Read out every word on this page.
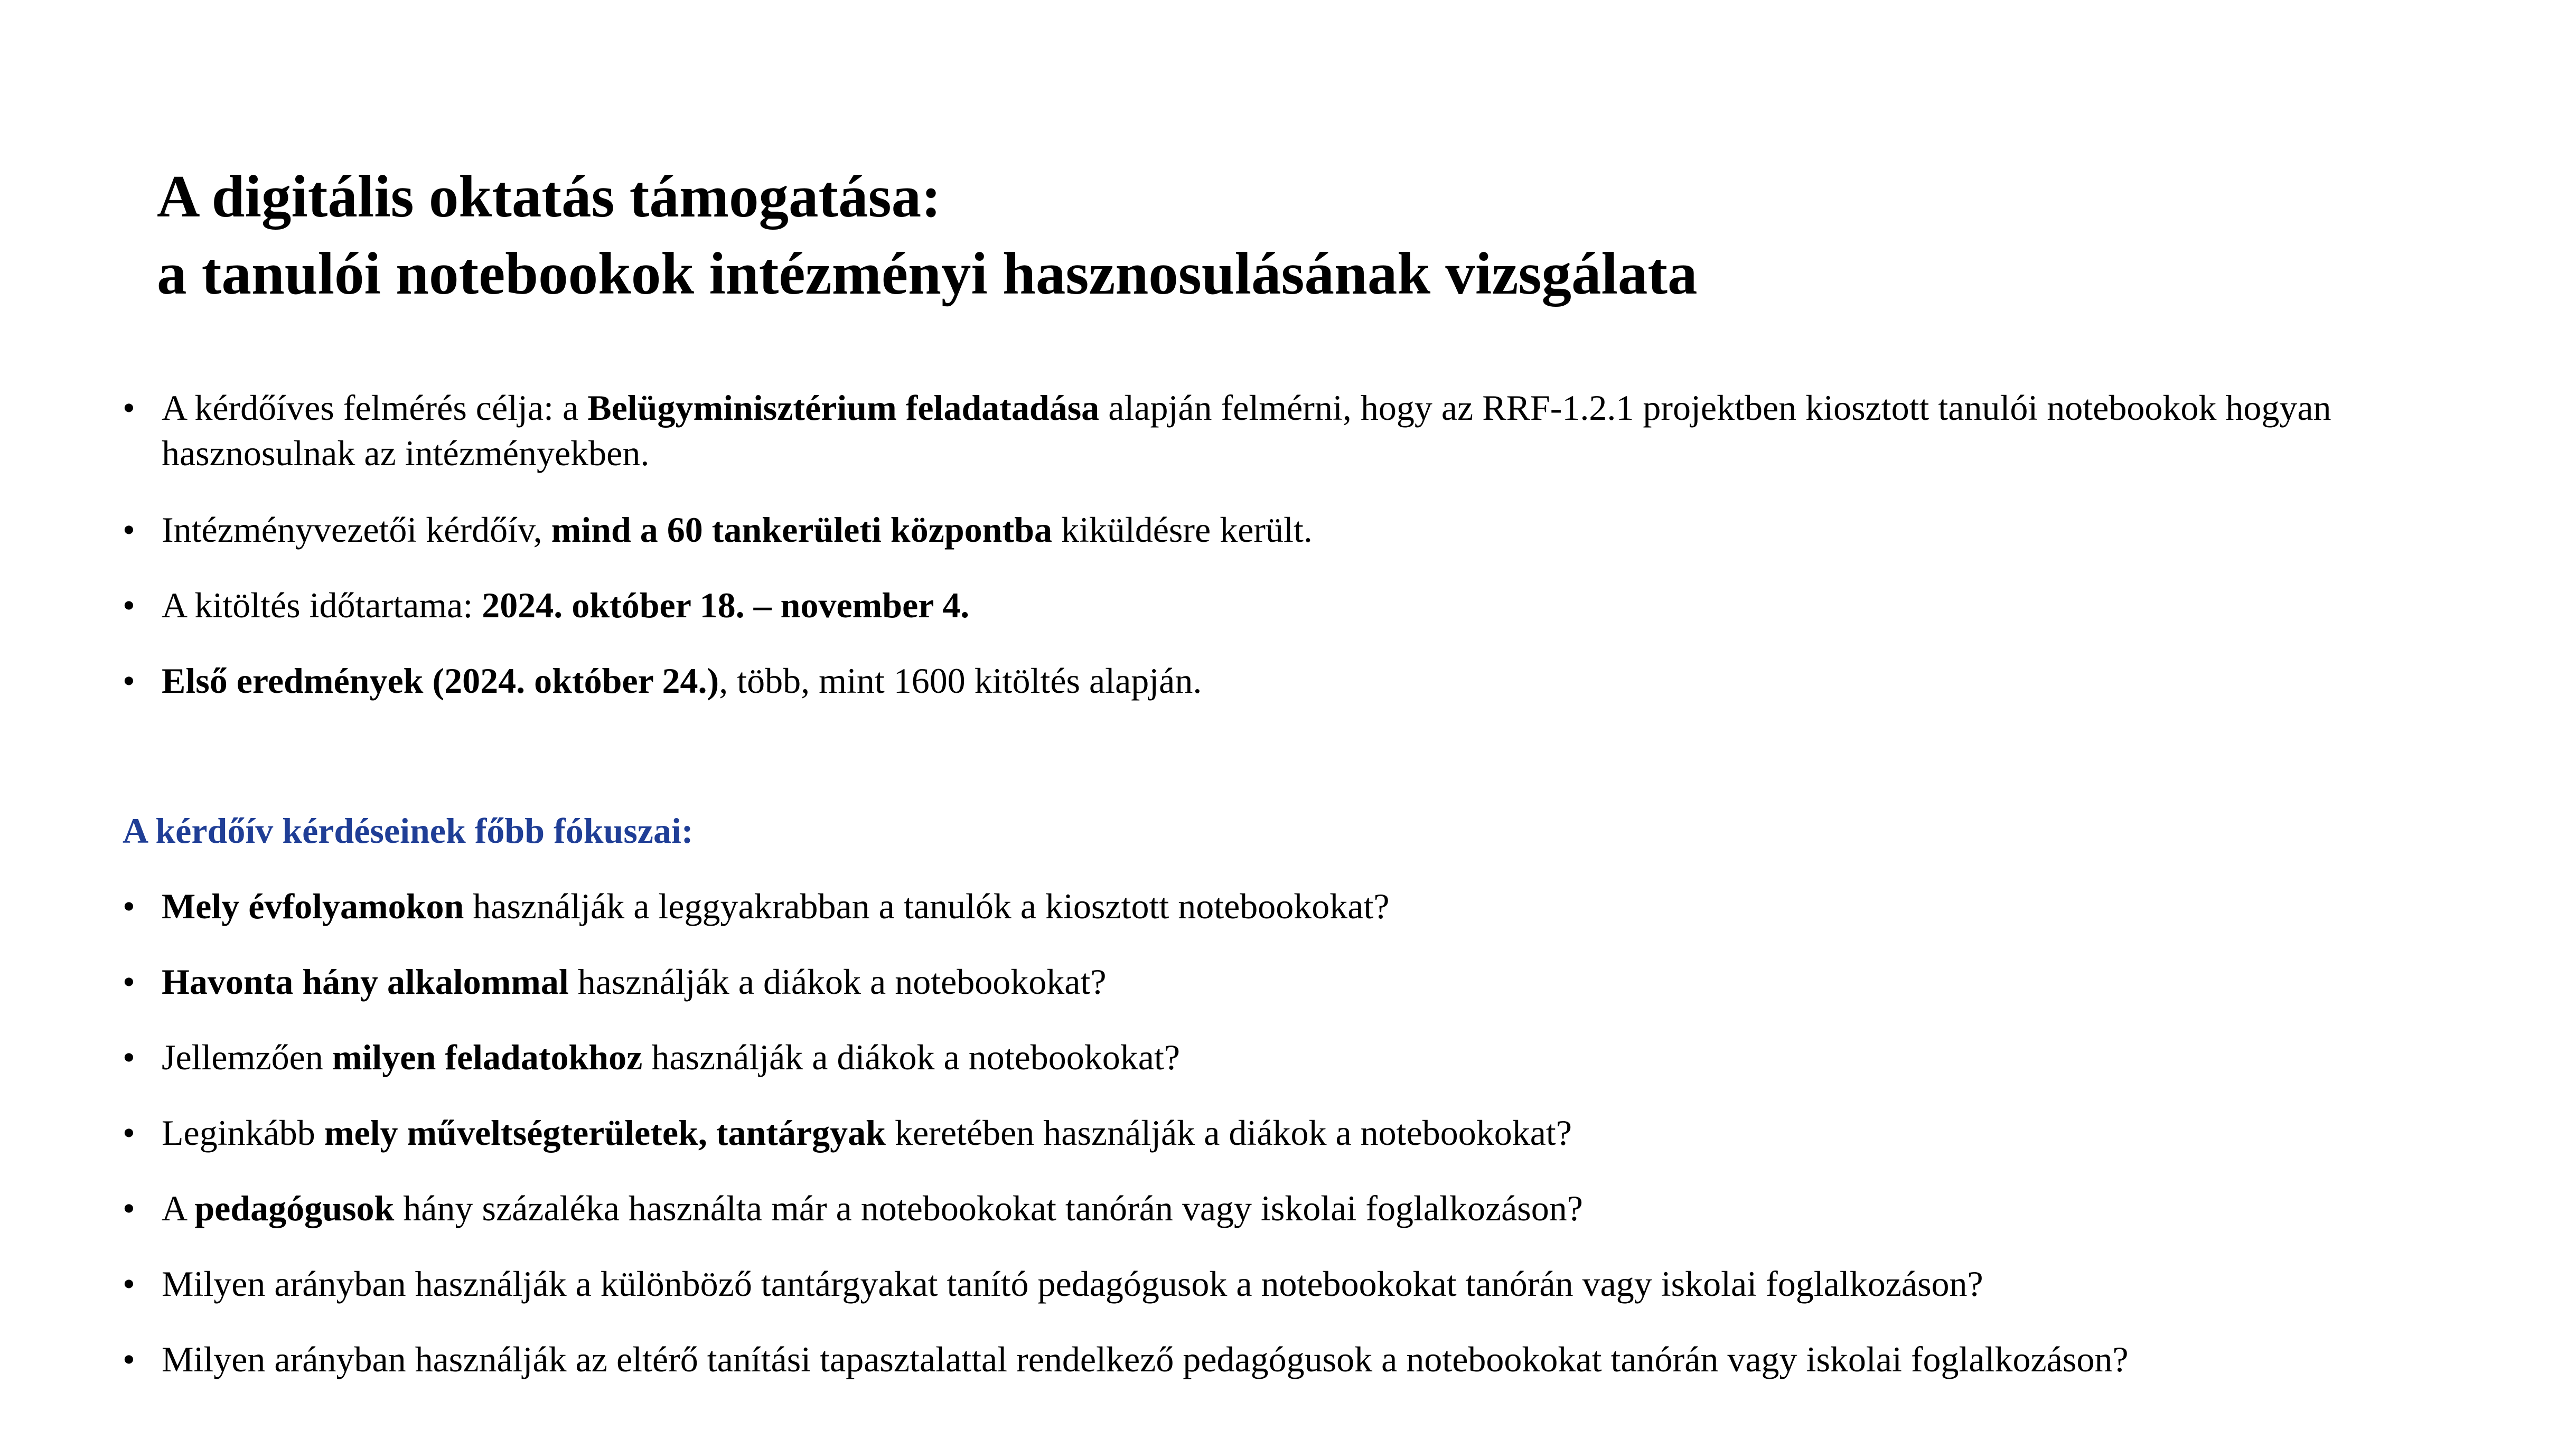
A digitális oktatás támogatása:
a tanulói notebookok intézményi hasznosulásának vizsgálata
• A kérdőíves felmérés célja: a Belügyminisztérium feladatadása alapján felmérni, hogy az RRF-1.2.1 projektben kiosztott tanulói notebookok hogyan hasznosulnak az intézményekben.
• Intézményvezetői kérdőív, mind a 60 tankerületi központba kiküldésre került.
• A kitöltés időtartama: 2024. október 18. – november 4.
• Első eredmények (2024. október 24.), több, mint 1600 kitöltés alapján.
A kérdőív kérdéseinek főbb fókuszai:
• Mely évfolyamokon használják a leggyakrabban a tanulók a kiosztott notebookokat?
• Havonta hány alkalommal használják a diákok a notebookokat?
• Jellemzően milyen feladatokhoz használják a diákok a notebookokat?
• Leginkább mely műveltségterületek, tantárgyak keretében használják a diákok a notebookokat?
• A pedagógusok hány százaléka használta már a notebookokat tanórán vagy iskolai foglalkozáson?
• Milyen arányban használják a különböző tantárgyakat tanító pedagógusok a notebookokat tanórán vagy iskolai foglalkozáson?
• Milyen arányban használják az eltérő tanítási tapasztalattal rendelkező pedagógusok a notebookokat tanórán vagy iskolai foglalkozáson?
